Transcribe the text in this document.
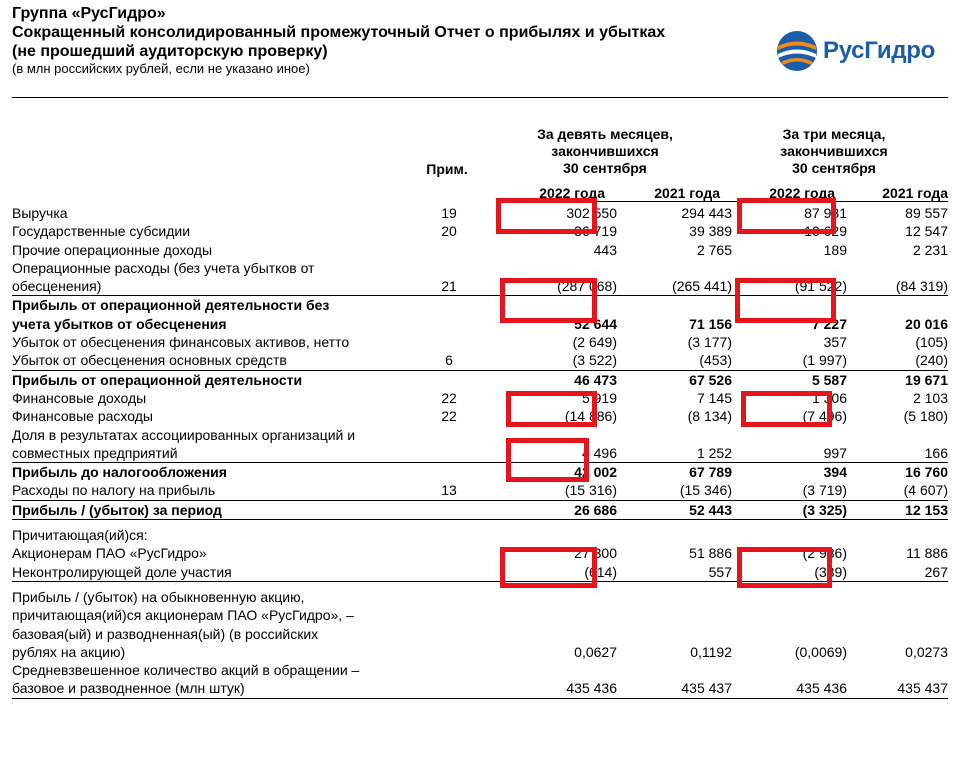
Группа «РусГидро»
Сокращенный консолидированный промежуточный Отчет о прибылях и убытках
(не прошедший аудиторскую проверку)
(в млн российских рублей, если не указано иное)
РусГидро
Прим.
За девять месяцев,
закончившихся
30 сентября
За три месяца,
закончившихся
30 сентября
2022 года	2021 года	2022 года	2021 года
Выручка	19	302 550	294 443	87 931	89 557

Государственные субсидии	20	36 719	39 389	10 629	12 547

Прочие операционные доходы		443	2 765	189	2 231

Операционные расходы (без учета убытков от
обесценения)	21	(287 068)	(265 441)	(91 522)	(84 319)

Прибыль от операционной деятельности без
учета убытков от обесценения		52 644	71 156	7 227	20 016

Убыток от обесценения финансовых активов, нетто		(2 649)	(3 177)	357	(105)

Убыток от обесценения основных средств	6	(3 522)	(453)	(1 997)	(240)

Прибыль от операционной деятельности		46 473	67 526	5 587	19 671

Финансовые доходы	22	5 919	7 145	1 306	2 103

Финансовые расходы	22	(14 886)	(8 134)	(7 496)	(5 180)

Доля в результатах ассоциированных организаций и
совместных предприятий		4 496	1 252	997	166

Прибыль до налогообложения		42 002	67 789	394	16 760

Расходы по налогу на прибыль	13	(15 316)	(15 346)	(3 719)	(4 607)

Прибыль / (убыток) за период		26 686	52 443	(3 325)	12 153

Причитающая(ий)ся:					

Акционерам ПАО «РусГидро»		27 300	51 886	(2 986)	11 886

Неконтролирующей доле участия		(614)	557	(339)	267

Прибыль / (убыток) на обыкновенную акцию,
причитающая(ий)ся акционерам ПАО «РусГидро», –
базовая(ый) и разводненная(ый) (в российских
рублях на акцию)		0,0627	0,1192	(0,0069)	0,0273

Средневзвешенное количество акций в обращении –
базовое и разводненное (млн штук)		435 436	435 437	435 436	435 437
